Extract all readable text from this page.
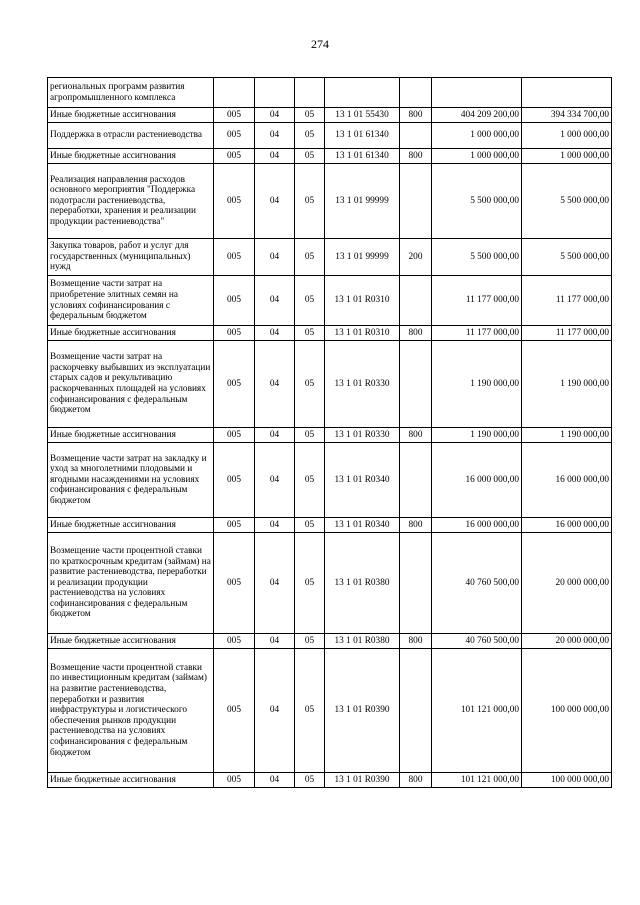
274
региональных программ развития агропромышленного комплекса							
Иные бюджетные ассигнования	005	04	05	13 1 01 55430	800	404 209 200,00	394 334 700,00
Поддержка в отрасли растениеводства	005	04	05	13 1 01 61340		1 000 000,00	1 000 000,00
Иные бюджетные ассигнования	005	04	05	13 1 01 61340	800	1 000 000,00	1 000 000,00
Реализация направления расходов основного мероприятия "Поддержка подотрасли растениеводства, переработки, хранения и реализации продукции растениеводства"	005	04	05	13 1 01 99999		5 500 000,00	5 500 000,00
Закупка товаров, работ и услуг для государственных (муниципальных) нужд	005	04	05	13 1 01 99999	200	5 500 000,00	5 500 000,00
Возмещение части затрат на приобретение элитных семян на условиях софинансирования с федеральным бюджетом	005	04	05	13 1 01 R0310		11 177 000,00	11 177 000,00
Иные бюджетные ассигнования	005	04	05	13 1 01 R0310	800	11 177 000,00	11 177 000,00
Возмещение части затрат на раскорчевку выбывших из эксплуатации старых садов и рекультивацию раскорчеванных площадей на условиях софинансирования с федеральным бюджетом	005	04	05	13 1 01 R0330		1 190 000,00	1 190 000,00
Иные бюджетные ассигнования	005	04	05	13 1 01 R0330	800	1 190 000,00	1 190 000,00
Возмещение части затрат на закладку и уход за многолетними плодовыми и ягодными насаждениями на условиях софинансирования с федеральным бюджетом	005	04	05	13 1 01 R0340		16 000 000,00	16 000 000,00
Иные бюджетные ассигнования	005	04	05	13 1 01 R0340	800	16 000 000,00	16 000 000,00
Возмещение части процентной ставки по краткосрочным кредитам (займам) на развитие растениеводства, переработки и реализации продукции растениеводства на условиях софинансирования с федеральным бюджетом	005	04	05	13 1 01 R0380		40 760 500,00	20 000 000,00
Иные бюджетные ассигнования	005	04	05	13 1 01 R0380	800	40 760 500,00	20 000 000,00
Возмещение части процентной ставки по инвестиционным кредитам (займам) на развитие растениеводства, переработки и развития инфраструктуры и логистического обеспечения рынков продукции растениеводства на условиях софинансирования с федеральным бюджетом	005	04	05	13 1 01 R0390		101 121 000,00	100 000 000,00
Иные бюджетные ассигнования	005	04	05	13 1 01 R0390	800	101 121 000,00	100 000 000,00
